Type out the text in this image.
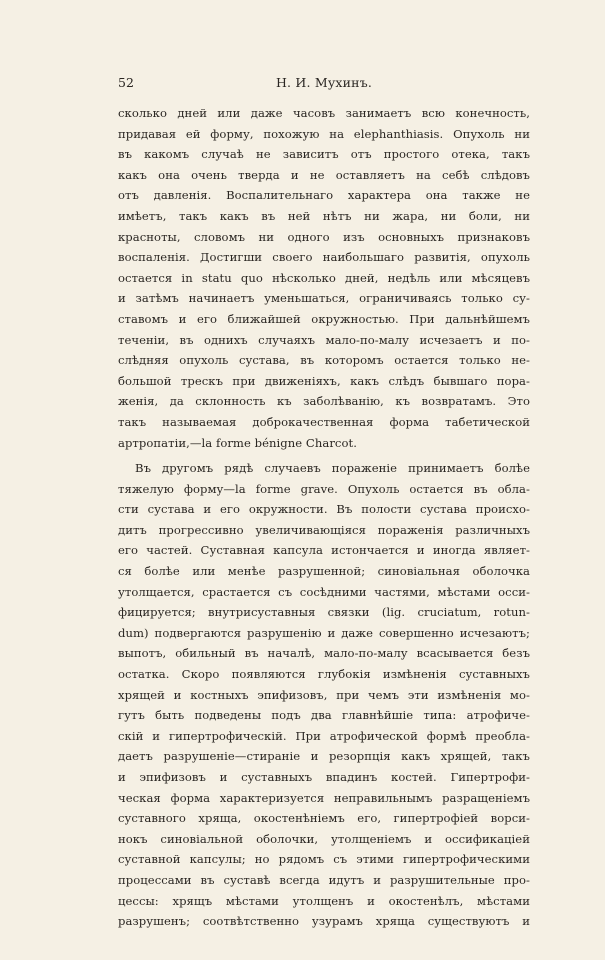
52	Н. И. Мухинъ.
сколько дней или даже часовъ занимаетъ всю конечность,
придавая ей форму, похожую на elephanthiasis. Опухоль ни
въ какомъ случаѣ не зависитъ отъ простого отека, такъ
какъ она очень тверда и не оставляетъ на себѣ слѣдовъ
отъ давленія. Воспалительнаго характера она также не
имѣетъ, такъ какъ въ ней нѣтъ ни жара, ни боли, ни
красноты, словомъ ни одного изъ основныхъ признаковъ
воспаленія. Достигши своего наибольшаго развитія, опухоль
остается in statu quo нѣсколько дней, недѣль или мѣсяцевъ
и затѣмъ начинаетъ уменьшаться, ограничиваясь только су-
ставомъ и его ближайшей окружностью. При дальнѣйшемъ
теченіи, въ однихъ случаяхъ мало-по-малу исчезаетъ и по-
слѣдняя опухоль сустава, въ которомъ остается только не-
большой трескъ при движеніяхъ, какъ слѣдъ бывшаго пора-
женія, да склонность къ заболѣванію, къ возвратамъ. Это
такъ называемая доброкачественная форма табетической
артропатіи,—la forme bénigne Charcot.
Въ другомъ рядѣ случаевъ пораженіе принимаетъ болѣе
тяжелую форму—la forme grave. Опухоль остается въ обла-
сти сустава и его окружности. Въ полости сустава происхо-
дитъ прогрессивно увеличивающіяся пораженія различныхъ
его частей. Суставная капсула истончается и иногда являет-
ся болѣе или менѣе разрушенной; синовіальная оболочка
утолщается, срастается съ сосѣдними частями, мѣстами осси-
фицируется; внутрисуставныя связки (lig. cruciatum, rotun-
dum) подвергаются разрушенію и даже совершенно исчезаютъ;
выпотъ, обильный въ началѣ, мало-по-малу всасывается безъ
остатка. Скоро появляются глубокія измѣненія суставныхъ
хрящей и костныхъ эпифизовъ, при чемъ эти измѣненія мо-
гутъ быть подведены подъ два главнѣйшіе типа: атрофиче-
скій и гипертрофическій. При атрофической формѣ преобла-
даетъ разрушеніе—стираніе и резорпція какъ хрящей, такъ
и эпифизовъ и суставныхъ впадинъ костей. Гипертрофи-
ческая форма характеризуется неправильнымъ разращеніемъ
суставного хряща, окостенѣніемъ его, гипертрофіей ворси-
нокъ синовіальной оболочки, утолщеніемъ и оссификаціей
суставной капсулы; но рядомъ съ этими гипертрофическими
процессами въ суставѣ всегда идутъ и разрушительные про-
цессы: хрящъ мѣстами утолщенъ и окостенѣлъ, мѣстами
разрушенъ; соотвѣтственно узурамъ хряща существуютъ и
